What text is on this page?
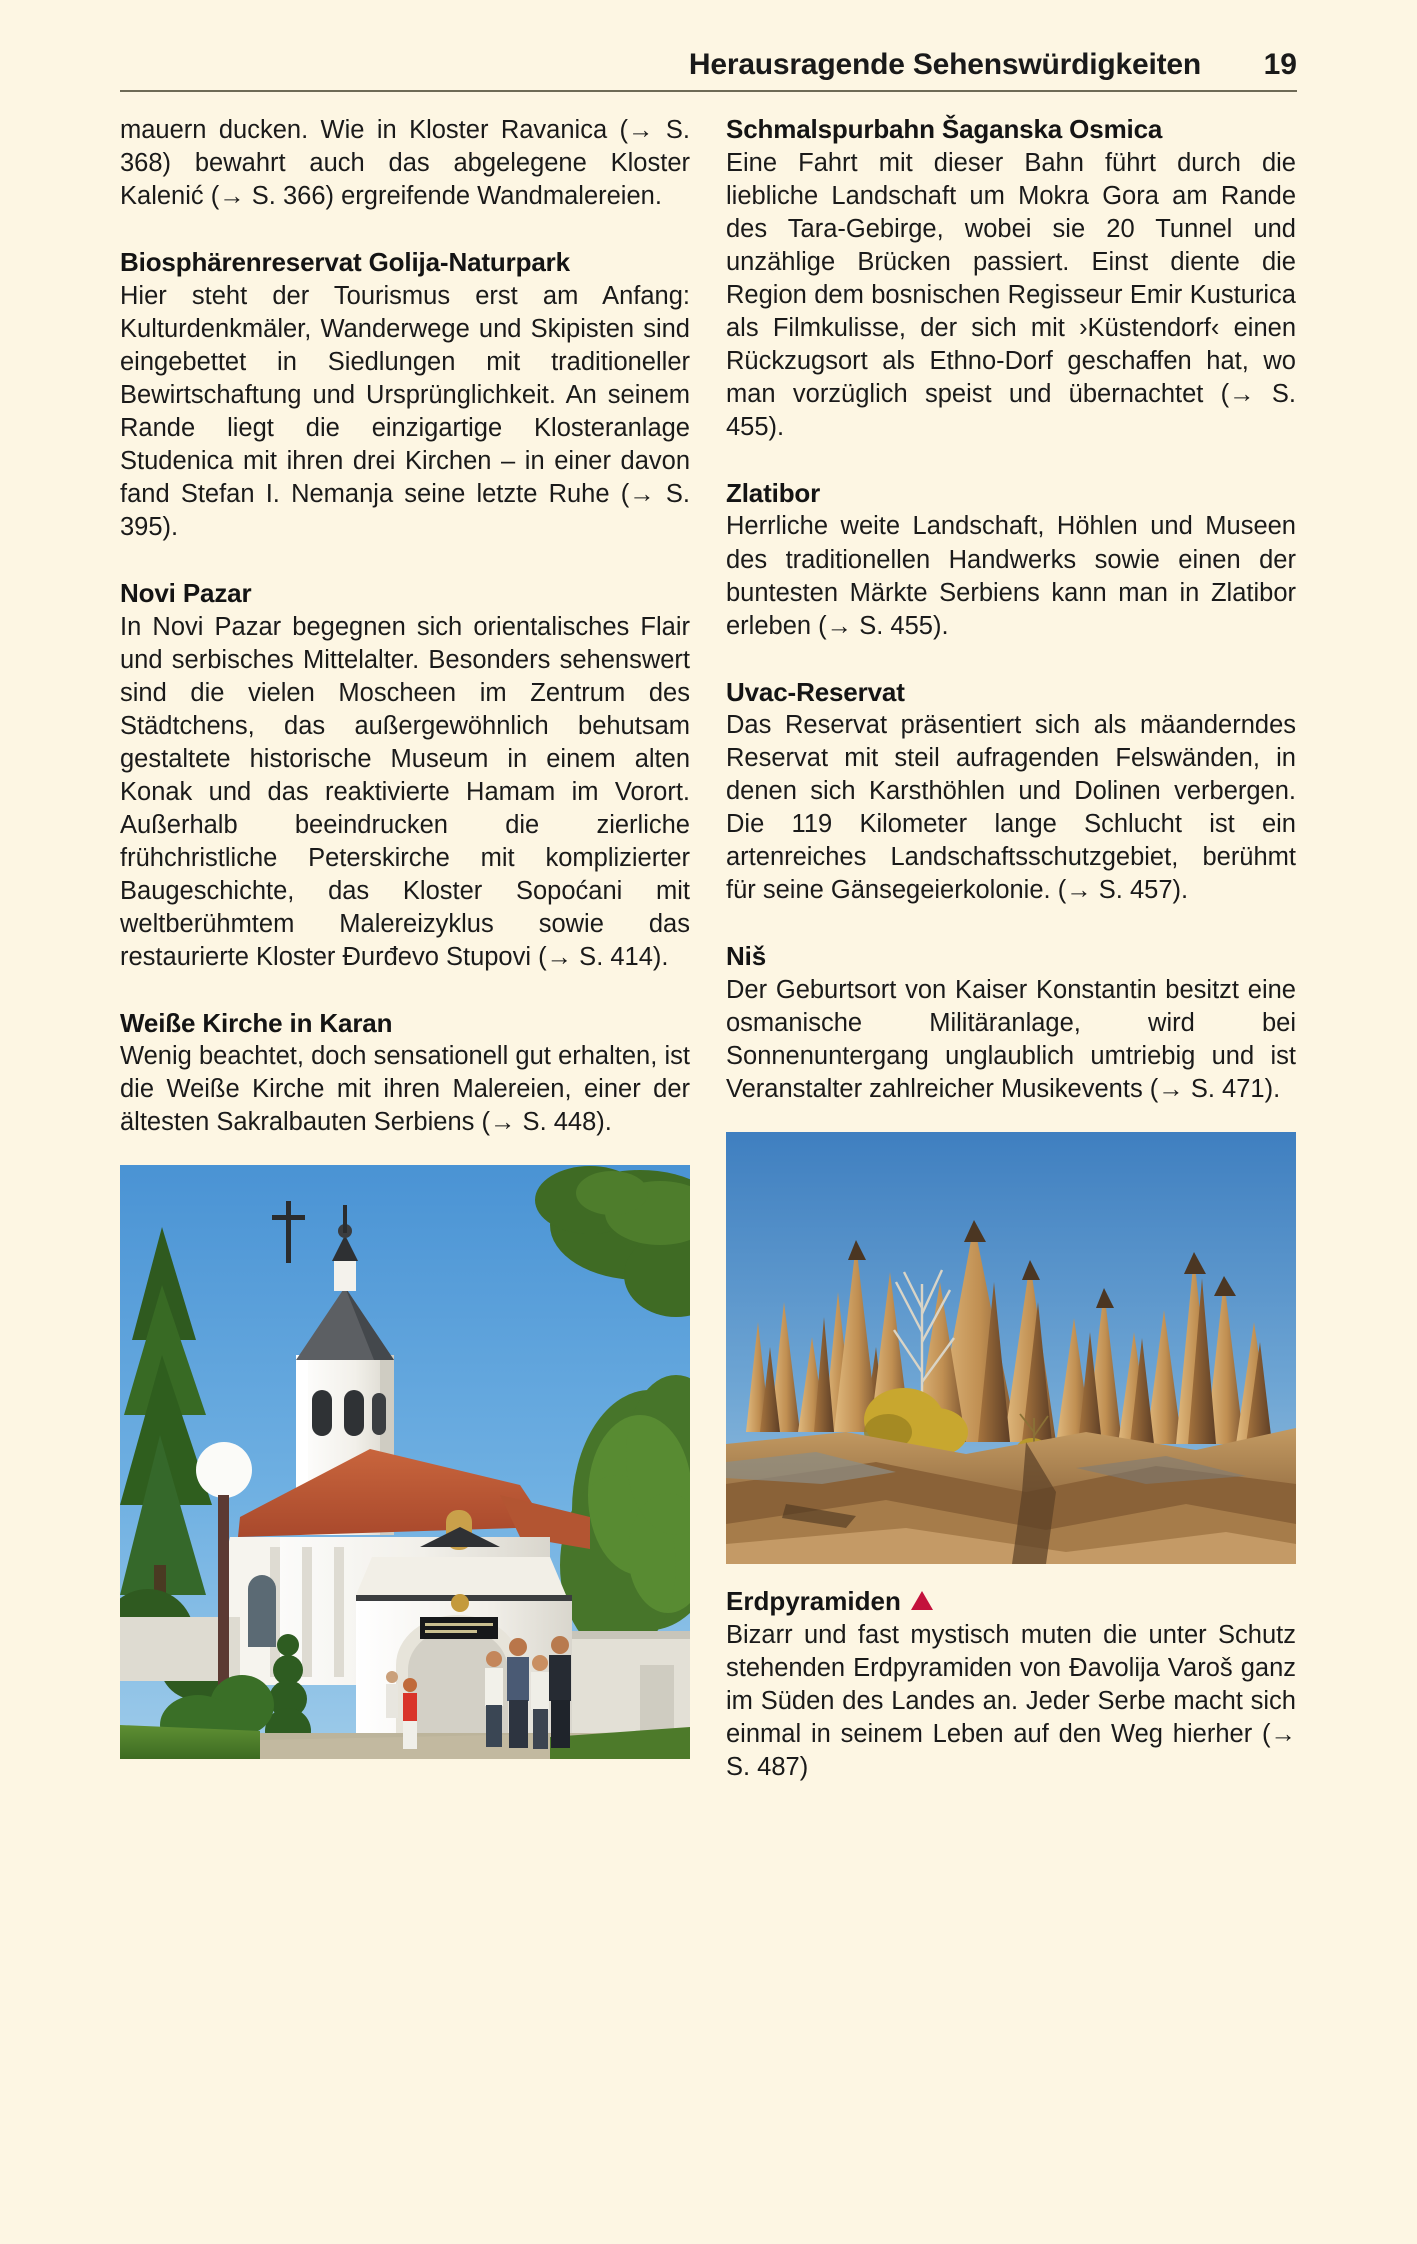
Herausragende Sehenswürdigkeiten	19

mauern ducken. Wie in Kloster Ravanica (→ S. 368) bewahrt auch das abgelegene Kloster Kalenić (→ S. 366) ergreifende Wandmalereien.

Biosphärenreservat Golija-Naturpark

Hier steht der Tourismus erst am Anfang: Kulturdenkmäler, Wanderwege und Skipisten sind eingebettet in Siedlungen mit traditioneller Bewirtschaftung und Ursprünglichkeit. An seinem Rande liegt die einzigartige Klosteranlage Studenica mit ihren drei Kirchen – in einer davon fand Stefan I. Nemanja seine letzte Ruhe (→ S. 395).

Novi Pazar

In Novi Pazar begegnen sich orientalisches Flair und serbisches Mittelalter. Besonders sehenswert sind die vielen Moscheen im Zentrum des Städtchens, das außergewöhnlich behutsam gestaltete historische Museum in einem alten Konak und das reaktivierte Hamam im Vorort. Außerhalb beeindrucken die zierliche frühchristliche Peterskirche mit komplizierter Baugeschichte, das Kloster Sopoćani mit weltberühmtem Malereizyklus sowie das restaurierte Kloster Đurđevo Stupovi (→ S. 414).

Weiße Kirche in Karan

Wenig beachtet, doch sensationell gut erhalten, ist die Weiße Kirche mit ihren Malereien, einer der ältesten Sakralbauten Serbiens (→ S. 448).

Schmalspurbahn Šaganska Osmica

Eine Fahrt mit dieser Bahn führt durch die liebliche Landschaft um Mokra Gora am Rande des Tara-Gebirge, wobei sie 20 Tunnel und unzählige Brücken passiert. Einst diente die Region dem bosnischen Regisseur Emir Kusturica als Filmkulisse, der sich mit ›Küstendorf‹ einen Rückzugsort als Ethno-Dorf geschaffen hat, wo man vorzüglich speist und übernachtet (→ S. 455).

Zlatibor

Herrliche weite Landschaft, Höhlen und Museen des traditionellen Handwerks sowie einen der buntesten Märkte Serbiens kann man in Zlatibor erleben (→ S. 455).

Uvac-Reservat

Das Reservat präsentiert sich als mäanderndes Reservat mit steil aufragenden Felswänden, in denen sich Karsthöhlen und Dolinen verbergen. Die 119 Kilometer lange Schlucht ist ein artenreiches Landschaftsschutzgebiet, berühmt für seine Gänsegeierkolonie. (→ S. 457).

Niš

Der Geburtsort von Kaiser Konstantin besitzt eine osmanische Militäranlage, wird bei Sonnenuntergang unglaublich umtriebig und ist Veranstalter zahlreicher Musikevents (→ S. 471).

Erdpyramiden

Bizarr und fast mystisch muten die unter Schutz stehenden Erdpyramiden von Đavolija Varoš ganz im Süden des Landes an. Jeder Serbe macht sich einmal in seinem Leben auf den Weg hierher (→ S. 487)
